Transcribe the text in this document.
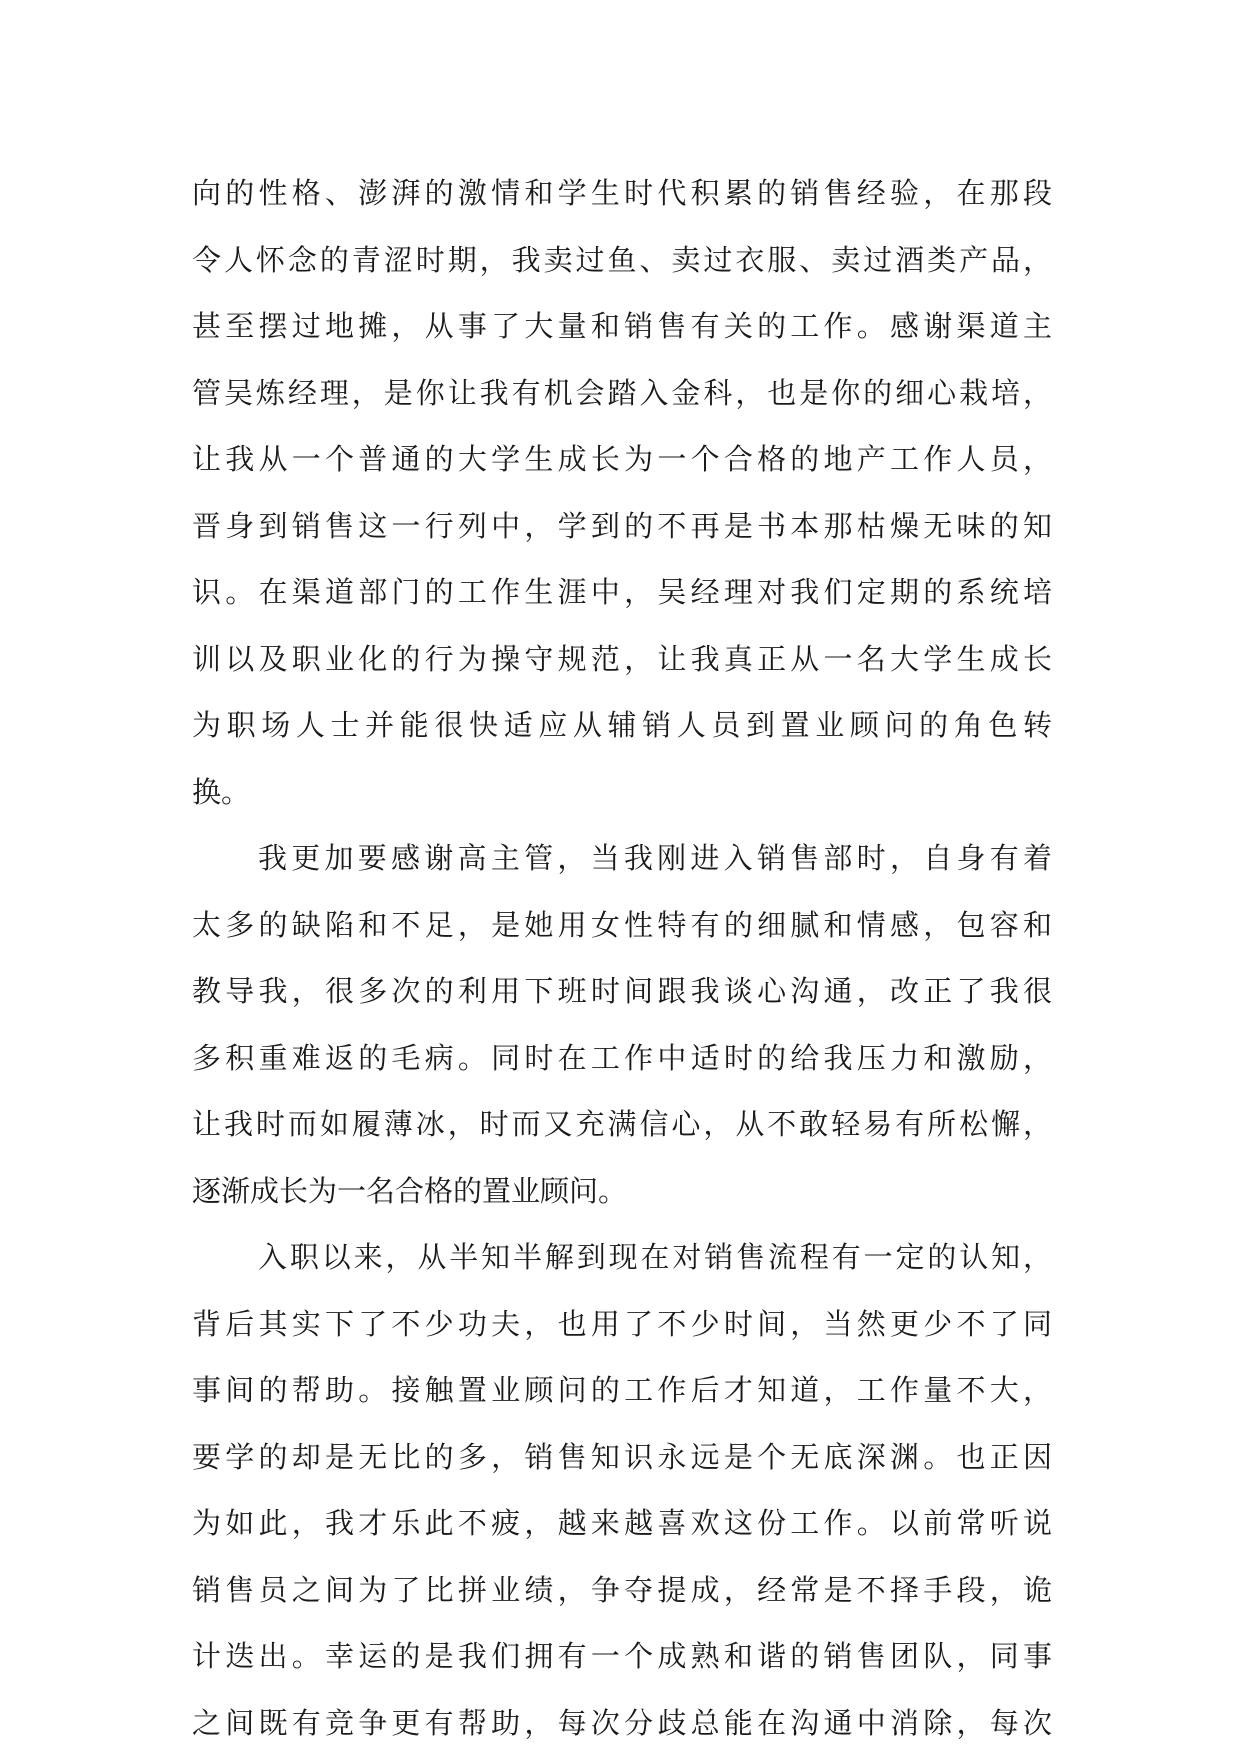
向的性格、澎湃的激情和学生时代积累的销售经验，在那段
令人怀念的青涩时期，我卖过鱼、卖过衣服、卖过酒类产品，
甚至摆过地摊，从事了大量和销售有关的工作。感谢渠道主
管吴炼经理，是你让我有机会踏入金科，也是你的细心栽培，
让我从一个普通的大学生成长为一个合格的地产工作人员，
晋身到销售这一行列中，学到的不再是书本那枯燥无味的知
识。在渠道部门的工作生涯中，吴经理对我们定期的系统培
训以及职业化的行为操守规范，让我真正从一名大学生成长
为职场人士并能很快适应从辅销人员到置业顾问的角色转
换。
我更加要感谢高主管，当我刚进入销售部时，自身有着
太多的缺陷和不足，是她用女性特有的细腻和情感，包容和
教导我，很多次的利用下班时间跟我谈心沟通，改正了我很
多积重难返的毛病。同时在工作中适时的给我压力和激励，
让我时而如履薄冰，时而又充满信心，从不敢轻易有所松懈，
逐渐成长为一名合格的置业顾问。
入职以来，从半知半解到现在对销售流程有一定的认知，
背后其实下了不少功夫，也用了不少时间，当然更少不了同
事间的帮助。接触置业顾问的工作后才知道，工作量不大，
要学的却是无比的多，销售知识永远是个无底深渊。也正因
为如此，我才乐此不疲，越来越喜欢这份工作。以前常听说
销售员之间为了比拼业绩，争夺提成，经常是不择手段，诡
计迭出。幸运的是我们拥有一个成熟和谐的销售团队，同事
之间既有竞争更有帮助，每次分歧总能在沟通中消除，每次
